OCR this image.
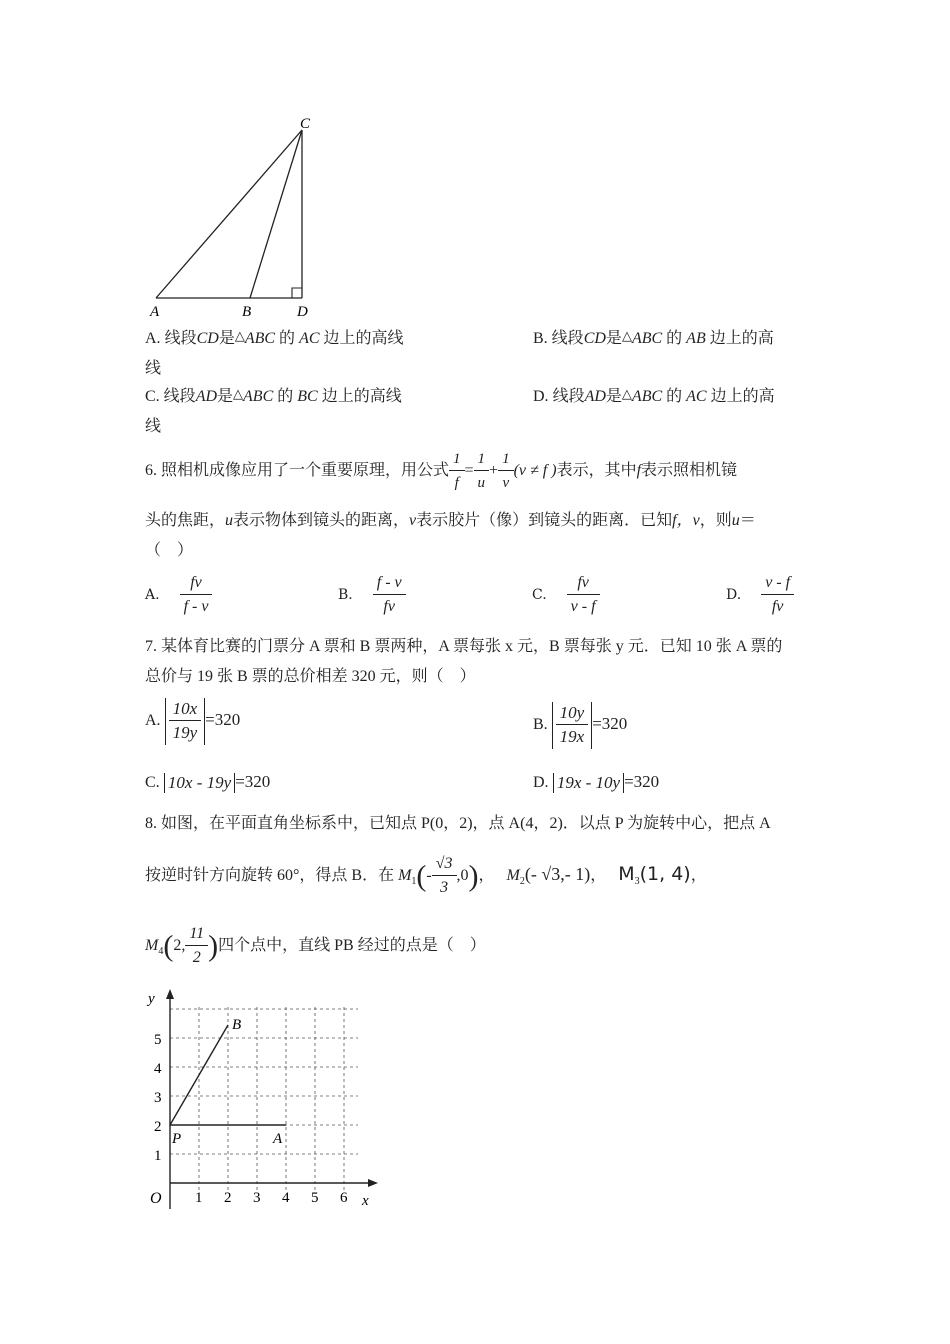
A	B
C
D
A. 线段CD是△ABC 的 AC 边上的高线	B. 线段CD是△ABC 的 AB 边上的高
线
C. 线段AD是△ABC 的 BC 边上的高线	D. 线段AD是△ABC 的 AC 边上的高
线
6. 照相机成像应用了一个重要原理，用公式 $\frac{1}{f} = \frac{1}{u} + \frac{1}{v} (v \ne f$ )表示，其中f表示照相机镜
头的焦距，u表示物体到镜头的距离，v表示胶片（像）到镜头的距离．已知f，v，则u＝
（　）
A. $\frac{fv}{f - v}$	B. $\frac{f - v}{fv}$	C. $\frac{fv}{v - f}$	D. $\frac{v - f}{fv}$
7. 某体育比赛的门票分 A 票和 B 票两种，A 票每张 x 元，B 票每张 y 元．已知 10 张 A 票的
总价与 19 张 B 票的总价相差 320 元，则（　）
A. $\frac{10x}{19y} =320$	B. $\frac{10y}{19x} =320$
C. 10x - 19y =320	D. 19x - 10y =320
8. 如图，在平面直角坐标系中，已知点 P(0，2)，点 A(4，2)．以点 P 为旋转中心，把点 A
按逆时针方向旋转 60°，得点 B．在 $M_1(- \frac{√3}{3} ,0)$， $M_2(-$ √3,- 1)， $M_3(1$, 4)，
$M_4(2$, $\frac{11}{2}$ )四个点中，直线 PB 经过的点是（　）
x
y
O 1 2 3 4 5 6
1
2
3
4
5
P	A
B
